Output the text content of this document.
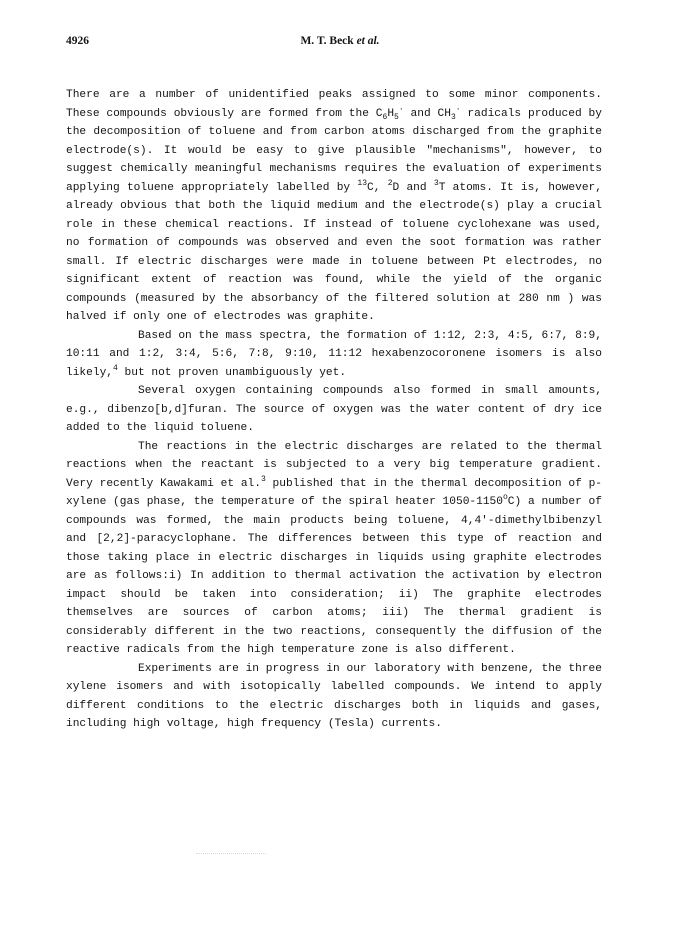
4926	M. T. Beck et al.

There are a number of unidentified peaks assigned to some minor components. These compounds obviously are formed from the $C_6H_5^\cdot$ and $CH_3^\cdot$ radicals produced by the decomposition of toluene and from carbon atoms discharged from the graphite electrode(s). It would be easy to give plausible "mechanisms", however, to suggest chemically meaningful mechanisms requires the evaluation of experiments applying toluene appropriately labelled by $^{13}$C, $^2$D and $^3$T atoms. It is, however, already obvious that both the liquid medium and the electrode(s) play a crucial role in these chemical reactions. If instead of toluene cyclohexane was used, no formation of compounds was observed and even the soot formation was rather small. If electric discharges were made in toluene between Pt electrodes, no significant extent of reaction was found, while the yield of the organic compounds (measured by the absorbancy of the filtered solution at 280 nm ) was halved if only one of electrodes was graphite.

Based on the mass spectra, the formation of 1:12, 2:3, 4:5, 6:7, 8:9, 10:11 and 1:2, 3:4, 5:6, 7:8, 9:10, 11:12 hexabenzocoronene isomers is also likely,$^4$ but not proven unambiguously yet.

Several oxygen containing compounds also formed in small amounts, e.g., dibenzo[b,d]furan. The source of oxygen was the water content of dry ice added to the liquid toluene.

The reactions in the electric discharges are related to the thermal reactions when the reactant is subjected to a very big temperature gradient. Very recently Kawakami et al.$^3$ published that in the thermal decomposition of p-xylene (gas phase, the temperature of the spiral heater 1050-1150$^o$C) a number of compounds was formed, the main products being toluene, 4,4'-dimethylbibenzyl and [2,2]-paracyclophane. The differences between this type of reaction and those taking place in electric discharges in liquids using graphite electrodes are as follows:i) In addition to thermal activation the activation by electron impact should be taken into consideration; ii) The graphite electrodes themselves are sources of carbon atoms; iii) The thermal gradient is considerably different in the two reactions, consequently the diffusion of the reactive radicals from the high temperature zone is also different.

Experiments are in progress in our laboratory with benzene, the three xylene isomers and with isotopically labelled compounds. We intend to apply different conditions to the electric discharges both in liquids and gases, including high voltage, high frequency (Tesla) currents.
